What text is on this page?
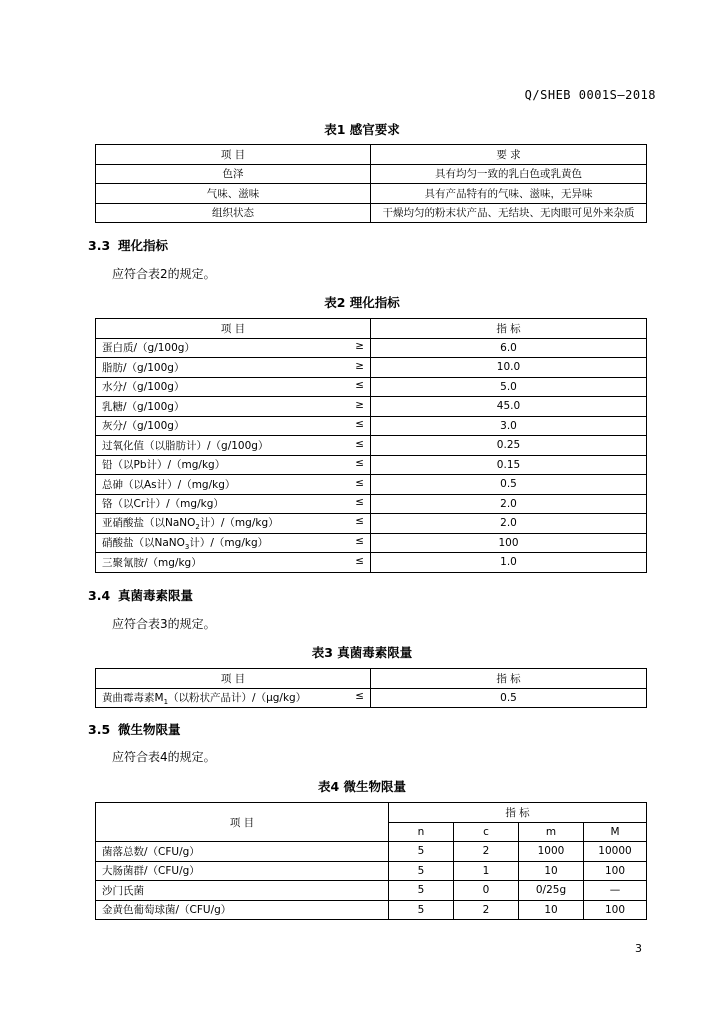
Q/SHEB 0001S—2018
表1 感官要求
项 目	要 求
色泽	具有均匀一致的乳白色或乳黄色
气味、滋味	具有产品特有的气味、滋味，无异味
组织状态	干燥均匀的粉末状产品、无结块、无肉眼可见外来杂质
3.3 理化指标
应符合表2的规定。
表2 理化指标
项 目	指 标

蛋白质/（g/100g） ≥	6.0

脂肪/（g/100g） ≥	10.0

水分/（g/100g） ≤	5.0

乳糖/（g/100g） ≥	45.0

灰分/（g/100g） ≤	3.0

过氧化值（以脂肪计）/（g/100g） ≤	0.25

铅（以Pb计）/（mg/kg） ≤	0.15

总砷（以As计）/（mg/kg） ≤	0.5

铬（以Cr计）/（mg/kg） ≤	2.0

亚硝酸盐（以NaNO$_2$计）/（mg/kg） ≤	2.0

硝酸盐（以NaNO$_3$计）/（mg/kg） ≤	100

三聚氰胺/（mg/kg） ≤	1.0
3.4 真菌毒素限量
应符合表3的规定。
表3 真菌毒素限量
项 目	指 标

黄曲霉毒素$M_1$（以粉状产品计）/（μg/kg） ≤	0.5
3.5 微生物限量
应符合表4的规定。
表4 微生物限量
项 目	指 标			
	n	c	m	M
菌落总数/（CFU/g）	5	2	1000	10000
大肠菌群/（CFU/g）	5	1	10	100
沙门氏菌	5	0	0/25g	—
金黄色葡萄球菌/（CFU/g）	5	2	10	100
3
